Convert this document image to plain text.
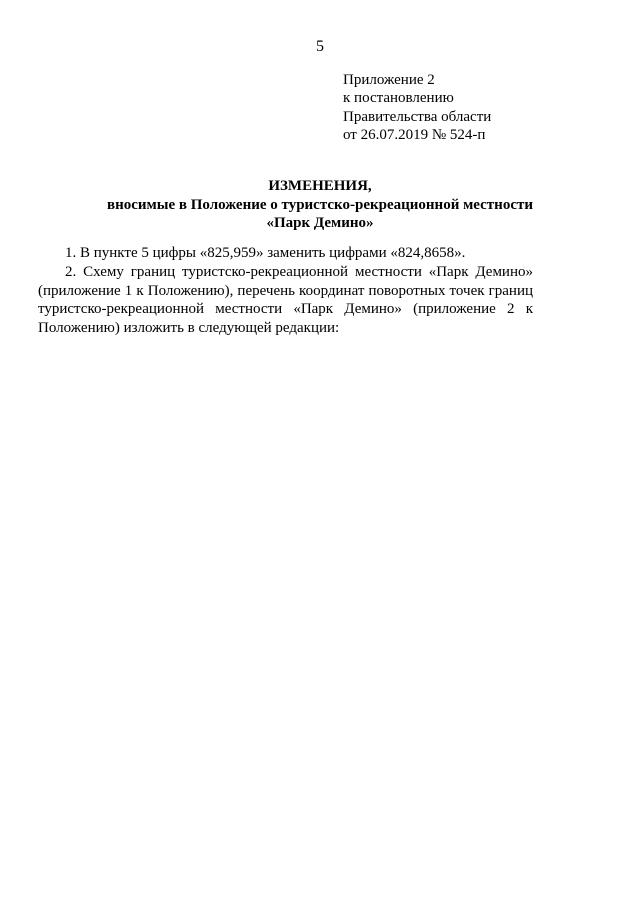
5
Приложение 2
к постановлению
Правительства области
от 26.07.2019 № 524-п
ИЗМЕНЕНИЯ,
вносимые в Положение о туристско-рекреационной местности
«Парк Демино»

1. В пункте 5 цифры «825,959» заменить цифрами «824,8658».

2. Схему границ туристско-рекреационной местности «Парк Демино» (приложение 1 к Положению), перечень координат поворотных точек границ туристско-рекреационной местности «Парк Демино» (приложение 2 к Положению) изложить в следующей редакции:
